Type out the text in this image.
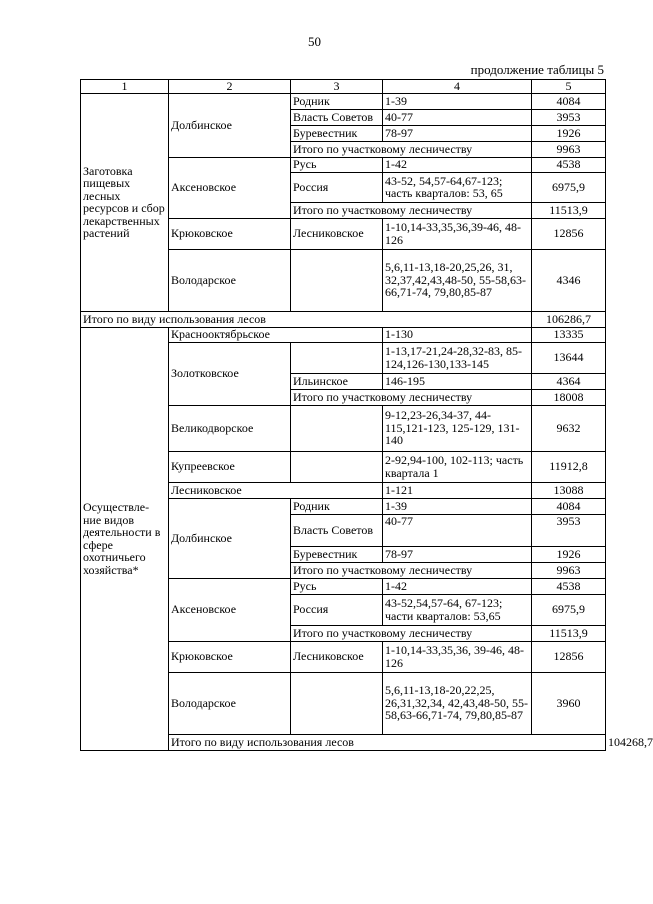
50
продолжение таблицы 5
1	2	3	4	5	
Заготовка пищевых лесных ресурсов и сбор лекарственных растений	Долбинское	Родник	1-39	4084	
		Власть Советов	40-77	3953	
		Буревестник	78-97	1926	
		Итого по участковому лесничеству		9963	
	Аксеновское	Русь	1-42	4538	
		Россия	43-52, 54,57-64,67-123; часть кварталов: 53, 65	6975,9	
		Итого по участковому лесничеству		11513,9	
	Крюковское	Лесниковское	1-10,14-33,35,36,39-46, 48-126	12856	
	Володарское		5,6,11-13,18-20,25,26, 31, 32,37,42,43,48-50, 55-58,63-66,71-74, 79,80,85-87	4346	
Итого по виду использования лесов				106286,7	
Осуществле-ние видов деятельности в сфере охотничьего хозяйства*	Краснооктябрьское		1-130	13335	
	Золотковское		1-13,17-21,24-28,32-83, 85-124,126-130,133-145	13644	
		Ильинское	146-195	4364	
		Итого по участковому лесничеству		18008	
	Великодворское		9-12,23-26,34-37, 44-115,121-123, 125-129, 131-140	9632	
	Купреевское		2-92,94-100, 102-113; часть квартала 1	11912,8	
	Лесниковское		1-121	13088	
	Долбинское	Родник	1-39	4084	
		Власть Советов	40-77	3953	
		Буревестник	78-97	1926	
		Итого по участковому лесничеству		9963	
	Аксеновское	Русь	1-42	4538	
		Россия	43-52,54,57-64, 67-123; части кварталов: 53,65	6975,9	
		Итого по участковому лесничеству		11513,9	
	Крюковское	Лесниковское	1-10,14-33,35,36, 39-46, 48-126	12856	
	Володарское		5,6,11-13,18-20,22,25, 26,31,32,34, 42,43,48-50, 55-58,63-66,71-74, 79,80,85-87	3960	
	Итого по виду использования лесов				104268,7
